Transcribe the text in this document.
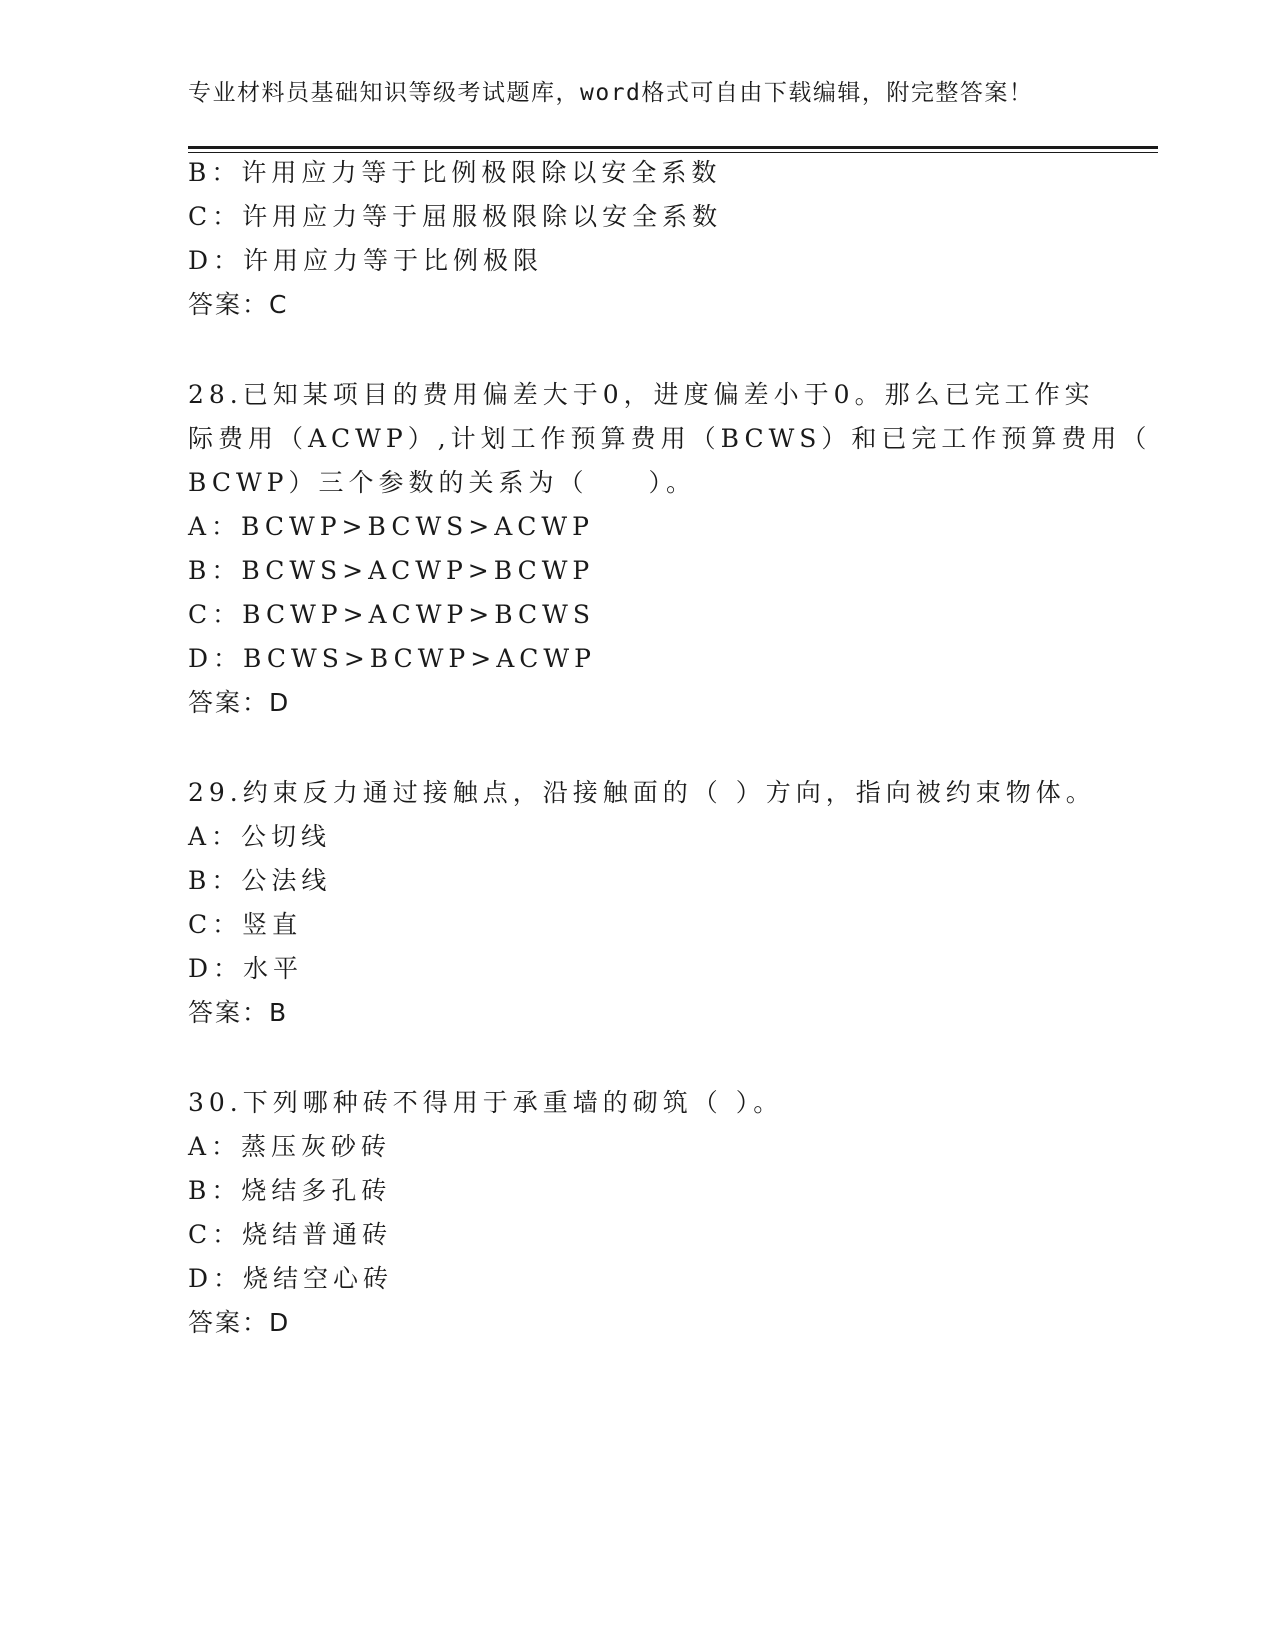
专业材料员基础知识等级考试题库，word格式可自由下载编辑，附完整答案！
B：许用应力等于比例极限除以安全系数
C：许用应力等于屈服极限除以安全系数
D：许用应力等于比例极限
答案：C
28.已知某项目的费用偏差大于0，进度偏差小于0。那么已完工作实
际费用（ACWP）,计划工作预算费用（BCWS）和已完工作预算费用（
BCWP）三个参数的关系为（　　）。
A：BCWP>BCWS>ACWP
B：BCWS>ACWP>BCWP
C：BCWP>ACWP>BCWS
D：BCWS>BCWP>ACWP
答案：D
29.约束反力通过接触点，沿接触面的（ ）方向，指向被约束物体。
A：公切线
B：公法线
C：竖直
D：水平
答案：B
30.下列哪种砖不得用于承重墙的砌筑（ ）。
A：蒸压灰砂砖
B：烧结多孔砖
C：烧结普通砖
D：烧结空心砖
答案：D
